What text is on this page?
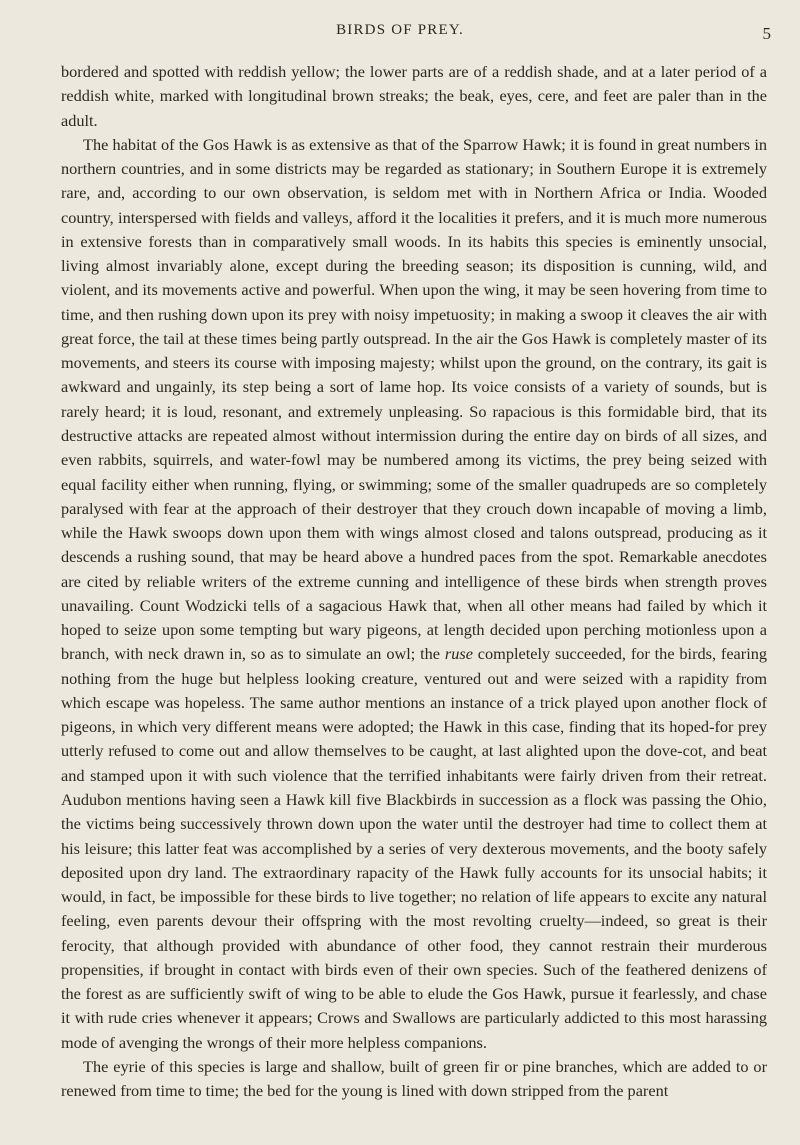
BIRDS OF PREY.	5

bordered and spotted with reddish yellow; the lower parts are of a reddish shade, and at a later period of a reddish white, marked with longitudinal brown streaks; the beak, eyes, cere, and feet are paler than in the adult.

The habitat of the Gos Hawk is as extensive as that of the Sparrow Hawk; it is found in great numbers in northern countries, and in some districts may be regarded as stationary; in Southern Europe it is extremely rare, and, according to our own observation, is seldom met with in Northern Africa or India. Wooded country, interspersed with fields and valleys, afford it the localities it prefers, and it is much more numerous in extensive forests than in comparatively small woods. In its habits this species is eminently unsocial, living almost invariably alone, except during the breeding season; its disposition is cunning, wild, and violent, and its movements active and powerful. When upon the wing, it may be seen hovering from time to time, and then rushing down upon its prey with noisy impetuosity; in making a swoop it cleaves the air with great force, the tail at these times being partly outspread. In the air the Gos Hawk is completely master of its movements, and steers its course with imposing majesty; whilst upon the ground, on the contrary, its gait is awkward and ungainly, its step being a sort of lame hop. Its voice consists of a variety of sounds, but is rarely heard; it is loud, resonant, and extremely unpleasing. So rapacious is this formidable bird, that its destructive attacks are repeated almost without intermission during the entire day on birds of all sizes, and even rabbits, squirrels, and water-fowl may be numbered among its victims, the prey being seized with equal facility either when running, flying, or swimming; some of the smaller quadrupeds are so completely paralysed with fear at the approach of their destroyer that they crouch down incapable of moving a limb, while the Hawk swoops down upon them with wings almost closed and talons outspread, producing as it descends a rushing sound, that may be heard above a hundred paces from the spot. Remarkable anecdotes are cited by reliable writers of the extreme cunning and intelligence of these birds when strength proves unavailing. Count Wodzicki tells of a sagacious Hawk that, when all other means had failed by which it hoped to seize upon some tempting but wary pigeons, at length decided upon perching motionless upon a branch, with neck drawn in, so as to simulate an owl; the ruse completely succeeded, for the birds, fearing nothing from the huge but helpless looking creature, ventured out and were seized with a rapidity from which escape was hopeless. The same author mentions an instance of a trick played upon another flock of pigeons, in which very different means were adopted; the Hawk in this case, finding that its hoped-for prey utterly refused to come out and allow themselves to be caught, at last alighted upon the dove-cot, and beat and stamped upon it with such violence that the terrified inhabitants were fairly driven from their retreat. Audubon mentions having seen a Hawk kill five Blackbirds in succession as a flock was passing the Ohio, the victims being successively thrown down upon the water until the destroyer had time to collect them at his leisure; this latter feat was accomplished by a series of very dexterous movements, and the booty safely deposited upon dry land. The extraordinary rapacity of the Hawk fully accounts for its unsocial habits; it would, in fact, be impossible for these birds to live together; no relation of life appears to excite any natural feeling, even parents devour their offspring with the most revolting cruelty—indeed, so great is their ferocity, that although provided with abundance of other food, they cannot restrain their murderous propensities, if brought in contact with birds even of their own species. Such of the feathered denizens of the forest as are sufficiently swift of wing to be able to elude the Gos Hawk, pursue it fearlessly, and chase it with rude cries whenever it appears; Crows and Swallows are particularly addicted to this most harassing mode of avenging the wrongs of their more helpless companions.

The eyrie of this species is large and shallow, built of green fir or pine branches, which are added to or renewed from time to time; the bed for the young is lined with down stripped from the parent
